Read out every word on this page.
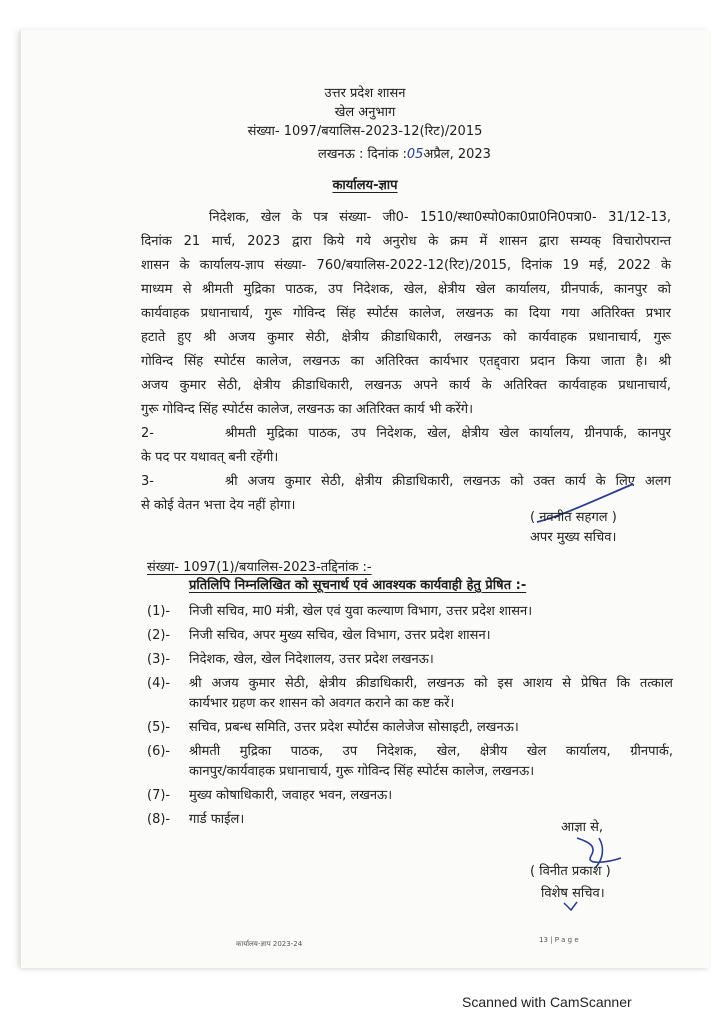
उत्तर प्रदेश शासन
खेल अनुभाग
संख्या- 1097/बयालिस-2023-12(रिट)/2015
लखनऊ : दिनांक :05अप्रैल, 2023
कार्यालय-ज्ञाप
निदेशक, खेल के पत्र संख्या- जी0- 1510/स्था0स्पो0का0प्रा0नि0पत्रा0- 31/12-13,
दिनांक 21 मार्च, 2023 द्वारा किये गये अनुरोध के क्रम में शासन द्वारा सम्यक् विचारोपरान्त
शासन के कार्यालय-ज्ञाप संख्या- 760/बयालिस-2022-12(रिट)/2015, दिनांक 19 मई, 2022 के
माध्यम से श्रीमती मुद्रिका पाठक, उप निदेशक, खेल, क्षेत्रीय खेल कार्यालय, ग्रीनपार्क, कानपुर को
कार्यवाहक प्रधानाचार्य, गुरू गोविन्द सिंह स्पोर्टस कालेज, लखनऊ का दिया गया अतिरिक्त प्रभार
हटाते हुए श्री अजय कुमार सेठी, क्षेत्रीय क्रीडाधिकारी, लखनऊ को कार्यवाहक प्रधानाचार्य, गुरू
गोविन्द सिंह स्पोर्टस कालेज, लखनऊ का अतिरिक्त कार्यभार एतद्द्वारा प्रदान किया जाता है। श्री
अजय कुमार सेठी, क्षेत्रीय क्रीडाधिकारी, लखनऊ अपने कार्य के अतिरिक्त कार्यवाहक प्रधानाचार्य,
गुरू गोविन्द सिंह स्पोर्टस कालेज, लखनऊ का अतिरिक्त कार्य भी करेंगे।
2-	श्रीमती मुद्रिका पाठक, उप निदेशक, खेल, क्षेत्रीय खेल कार्यालय, ग्रीनपार्क, कानपुर
के पद पर यथावत् बनी रहेंगी।
3-	श्री अजय कुमार सेठी, क्षेत्रीय क्रीडाधिकारी, लखनऊ को उक्त कार्य के लिए अलग
से कोई वेतन भत्ता देय नहीं होगा।
( नवनीत सहगल )
अपर मुख्य सचिव।
संख्या- 1097(1)/बयालिस-2023-तद्दिनांक :-
प्रतिलिपि निम्नलिखित को सूचनार्थ एवं आवश्यक कार्यवाही हेतु प्रेषित :-
(1)- निजी सचिव, मा0 मंत्री, खेल एवं युवा कल्याण विभाग, उत्तर प्रदेश शासन।
(2)- निजी सचिव, अपर मुख्य सचिव, खेल विभाग, उत्तर प्रदेश शासन।
(3)- निदेशक, खेल, खेल निदेशालय, उत्तर प्रदेश लखनऊ।
(4)- श्री अजय कुमार सेठी, क्षेत्रीय क्रीडाधिकारी, लखनऊ को इस आशय से प्रेषित कि तत्काल
कार्यभार ग्रहण कर शासन को अवगत कराने का कष्ट करें।
(5)- सचिव, प्रबन्ध समिति, उत्तर प्रदेश स्पोर्टस कालेजेज सोसाइटी, लखनऊ।
(6)- श्रीमती मुद्रिका पाठक, उप निदेशक, खेल, क्षेत्रीय खेल कार्यालय, ग्रीनपार्क,
कानपुर/कार्यवाहक प्रधानाचार्य, गुरू गोविन्द सिंह स्पोर्टस कालेज, लखनऊ।
(7)- मुख्य कोषाधिकारी, जवाहर भवन, लखनऊ।
(8)- गार्ड फाईल।
आज्ञा से,
( विनीत प्रकाश )
विशेष सचिव।
कार्यालय-ज्ञाप 2023-24	13 | P a g e
Scanned with CamScanner
